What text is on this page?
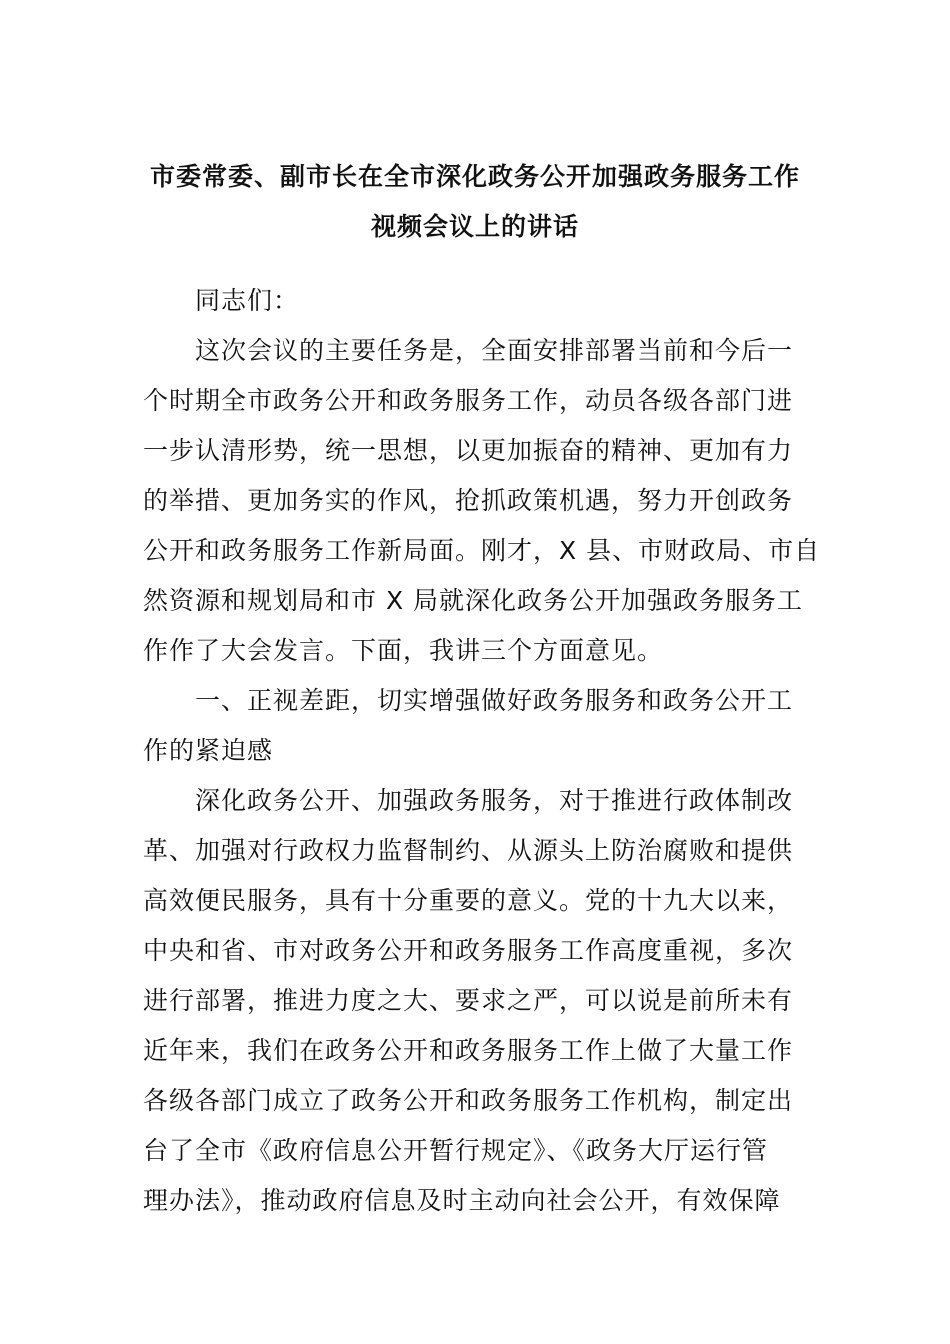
市委常委、副市长在全市深化政务公开加强政务服务工作
视频会议上的讲话
同志们：
这次会议的主要任务是，全面安排部署当前和今后一
个时期全市政务公开和政务服务工作，动员各级各部门进
一步认清形势，统一思想，以更加振奋的精神、更加有力
的举措、更加务实的作风，抢抓政策机遇，努力开创政务
公开和政务服务工作新局面。刚才，X 县、市财政局、市自
然资源和规划局和市 X 局就深化政务公开加强政务服务工
作作了大会发言。下面，我讲三个方面意见。
一、正视差距，切实增强做好政务服务和政务公开工
作的紧迫感
深化政务公开、加强政务服务，对于推进行政体制改
革、加强对行政权力监督制约、从源头上防治腐败和提供
高效便民服务，具有十分重要的意义。党的十九大以来，
中央和省、市对政务公开和政务服务工作高度重视，多次
进行部署，推进力度之大、要求之严，可以说是前所未有
近年来，我们在政务公开和政务服务工作上做了大量工作
各级各部门成立了政务公开和政务服务工作机构，制定出
台了全市《政府信息公开暂行规定》、《政务大厅运行管
理办法》，推动政府信息及时主动向社会公开，有效保障
